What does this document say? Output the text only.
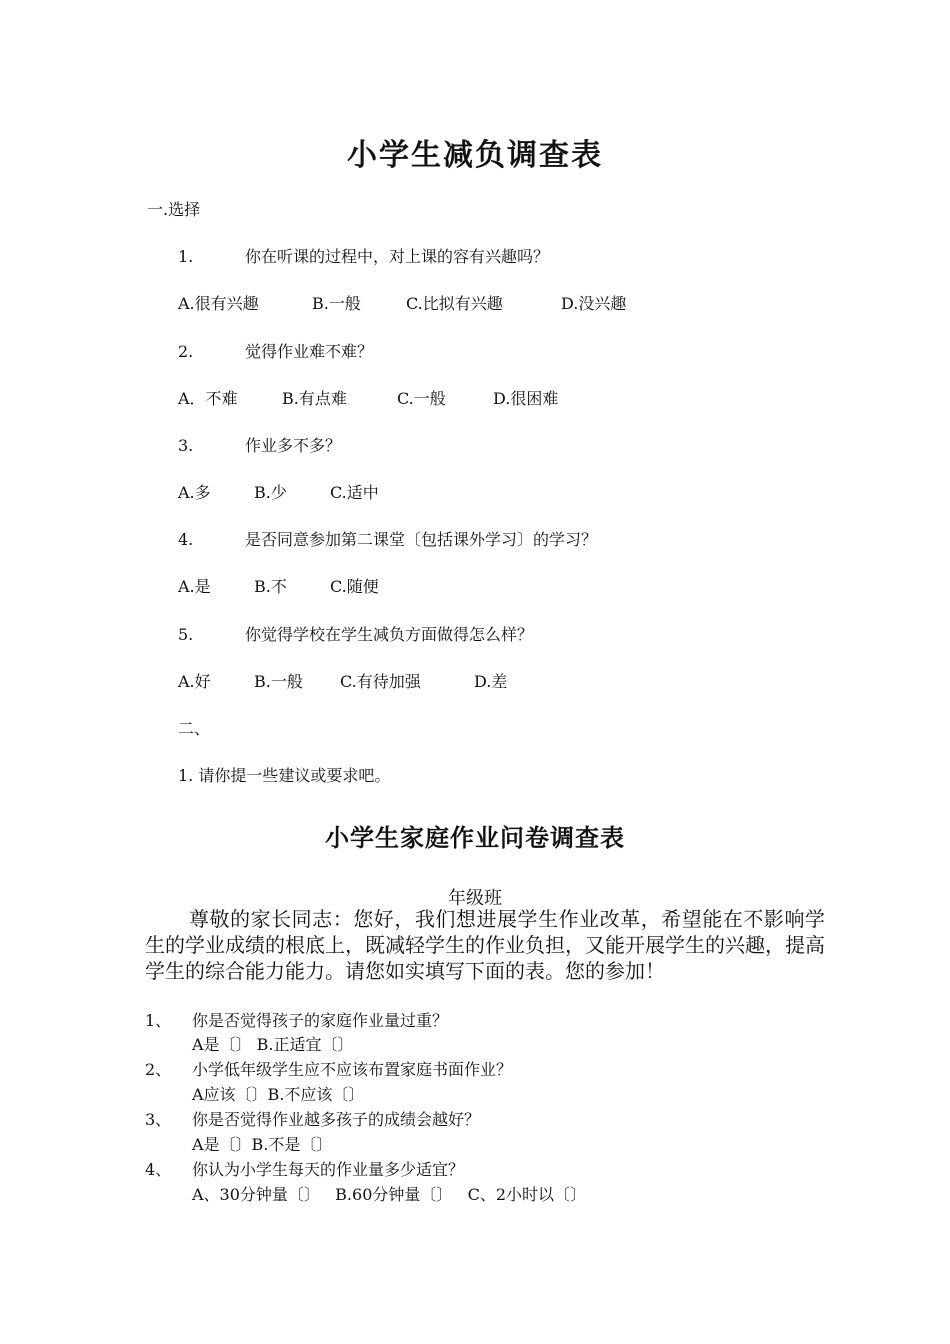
小学生减负调查表
一.选择
1.	你在听课的过程中，对上课的容有兴趣吗？
A.很有兴趣	B.一般	C.比拟有兴趣	D.没兴趣
2.	觉得作业难不难？
A．不难	B.有点难	C.一般	D.很困难
3.	作业多不多？
A.多	B.少	C.适中
4.	是否同意参加第二课堂〔包括课外学习〕的学习？
A.是	B.不	C.随便
5.	你觉得学校在学生减负方面做得怎么样？
A.好	B.一般 C.有待加强	D.差
二、
1. 请你提一些建议或要求吧。
小学生家庭作业问卷调查表
年级班

尊敬的家长同志：您好，我们想进展学生作业改革，希望能在不影响学生的学业成绩的根底上，既减轻学生的作业负担，又能开展学生的兴趣，提高学生的综合能力能力。请您如实填写下面的表。您的参加！

1、 你是否觉得孩子的家庭作业量过重？
A是〔〕 B.正适宜〔〕
2、 小学低年级学生应不应该布置家庭书面作业？
A应该〔〕B.不应该〔〕
3、 你是否觉得作业越多孩子的成绩会越好？
A是〔〕B.不是〔〕
4、 你认为小学生每天的作业量多少适宜？
A、30分钟量〔〕   B.60分钟量〔〕   C、2小时以〔〕
